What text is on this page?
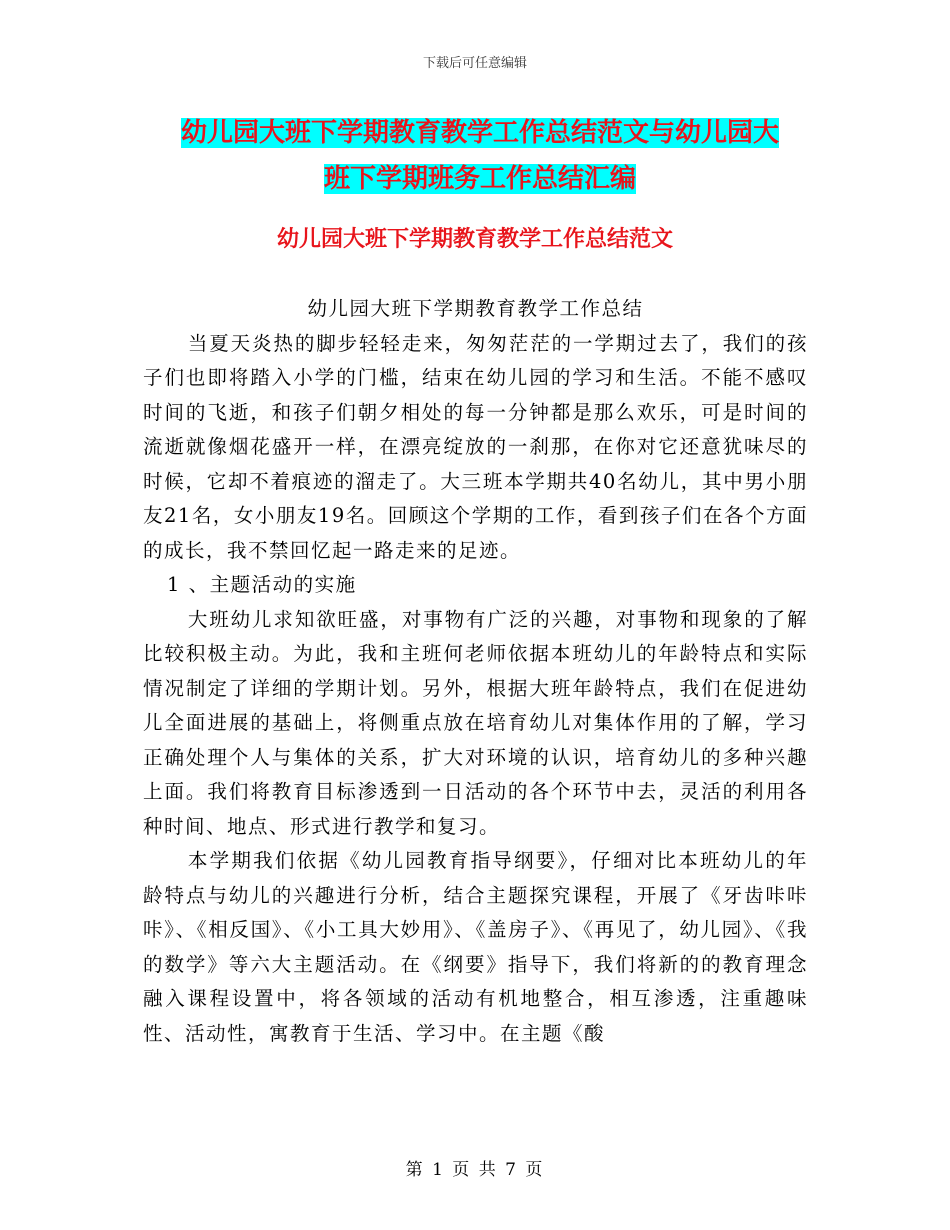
下载后可任意编辑
幼儿园大班下学期教育教学工作总结范文与幼儿园大
班下学期班务工作总结汇编
幼儿园大班下学期教育教学工作总结范文

幼儿园大班下学期教育教学工作总结

当夏天炎热的脚步轻轻走来，匆匆茫茫的一学期过去了，我们的孩子们也即将踏入小学的门槛，结束在幼儿园的学习和生活。不能不感叹时间的飞逝，和孩子们朝夕相处的每一分钟都是那么欢乐，可是时间的流逝就像烟花盛开一样，在漂亮绽放的一刹那，在你对它还意犹味尽的时候，它却不着痕迹的溜走了。大三班本学期共40名幼儿，其中男小朋友21名，女小朋友19名。回顾这个学期的工作，看到孩子们在各个方面的成长，我不禁回忆起一路走来的足迹。

1 、主题活动的实施

大班幼儿求知欲旺盛，对事物有广泛的兴趣，对事物和现象的了解比较积极主动。为此，我和主班何老师依据本班幼儿的年龄特点和实际情况制定了详细的学期计划。另外，根据大班年龄特点，我们在促进幼儿全面进展的基础上，将侧重点放在培育幼儿对集体作用的了解，学习正确处理个人与集体的关系，扩大对环境的认识，培育幼儿的多种兴趣上面。我们将教育目标渗透到一日活动的各个环节中去，灵活的利用各种时间、地点、形式进行教学和复习。

本学期我们依据《幼儿园教育指导纲要》，仔细对比本班幼儿的年龄特点与幼儿的兴趣进行分析，结合主题探究课程，开展了《牙齿咔咔咔》、《相反国》、《小工具大妙用》、《盖房子》、《再见了，幼儿园》、《我的数学》等六大主题活动。在《纲要》指导下，我们将新的的教育理念融入课程设置中，将各领域的活动有机地整合，相互渗透，注重趣味性、活动性，寓教育于生活、学习中。在主题《酸

第 1 页 共 7 页
